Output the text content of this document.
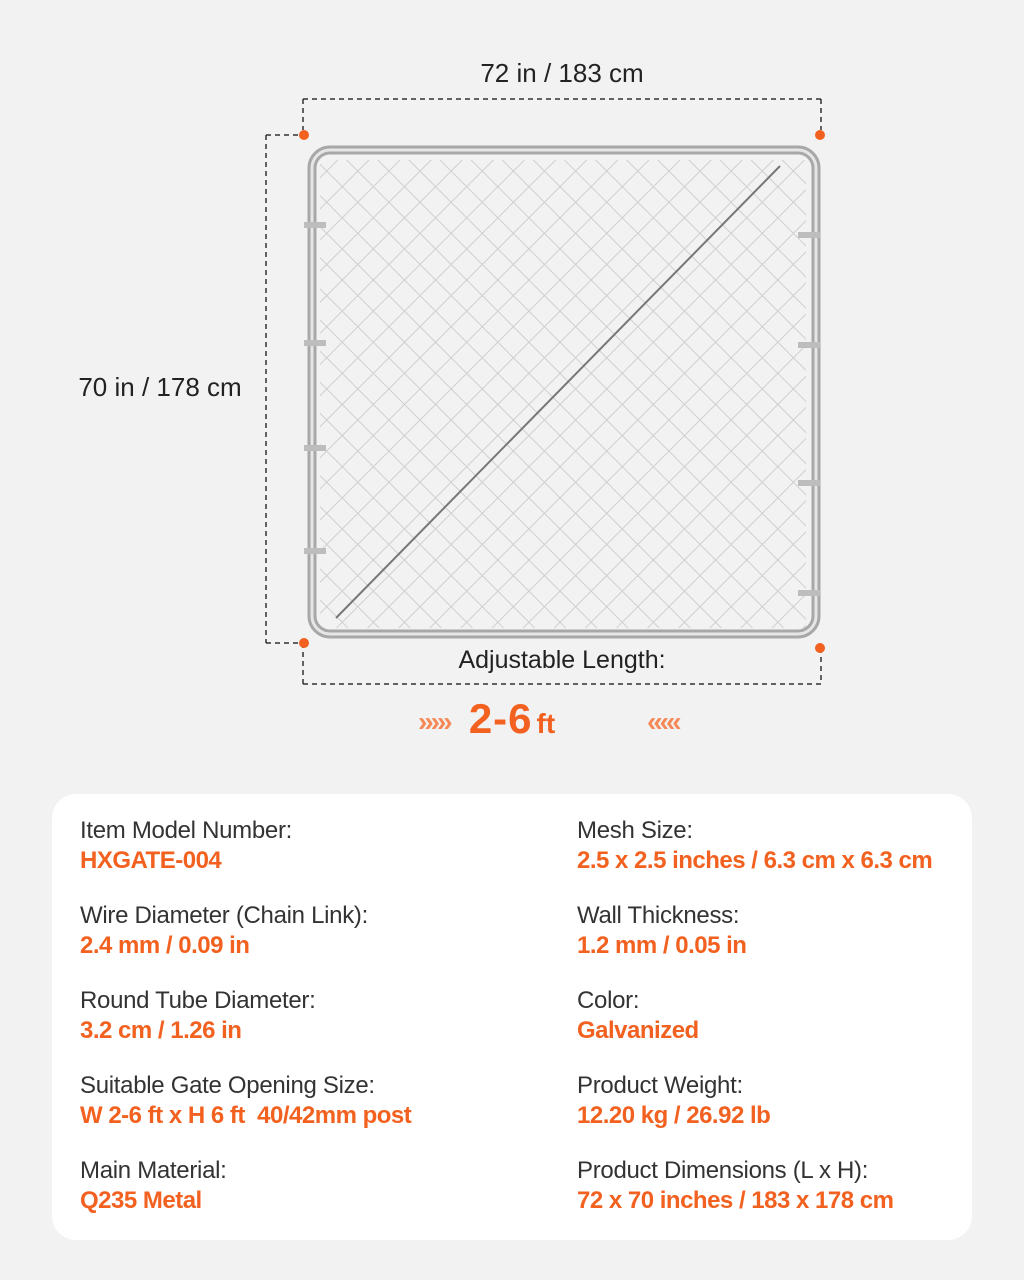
72 in / 183 cm
70 in / 178 cm
Adjustable Length:
››››› 2-6 ft	‹‹‹‹‹
Item Model Number:
HXGATE-004
Wire Diameter (Chain Link):
2.4 mm / 0.09 in
Round Tube Diameter:
3.2 cm / 1.26 in
Suitable Gate Opening Size:
W 2-6 ft x H 6 ft  40/42mm post
Main Material:
Q235 Metal
Mesh Size:
2.5 x 2.5 inches / 6.3 cm x 6.3 cm
Wall Thickness:
1.2 mm / 0.05 in
Color:
Galvanized
Product Weight:
12.20 kg / 26.92 lb
Product Dimensions (L x H):
72 x 70 inches / 183 x 178 cm
